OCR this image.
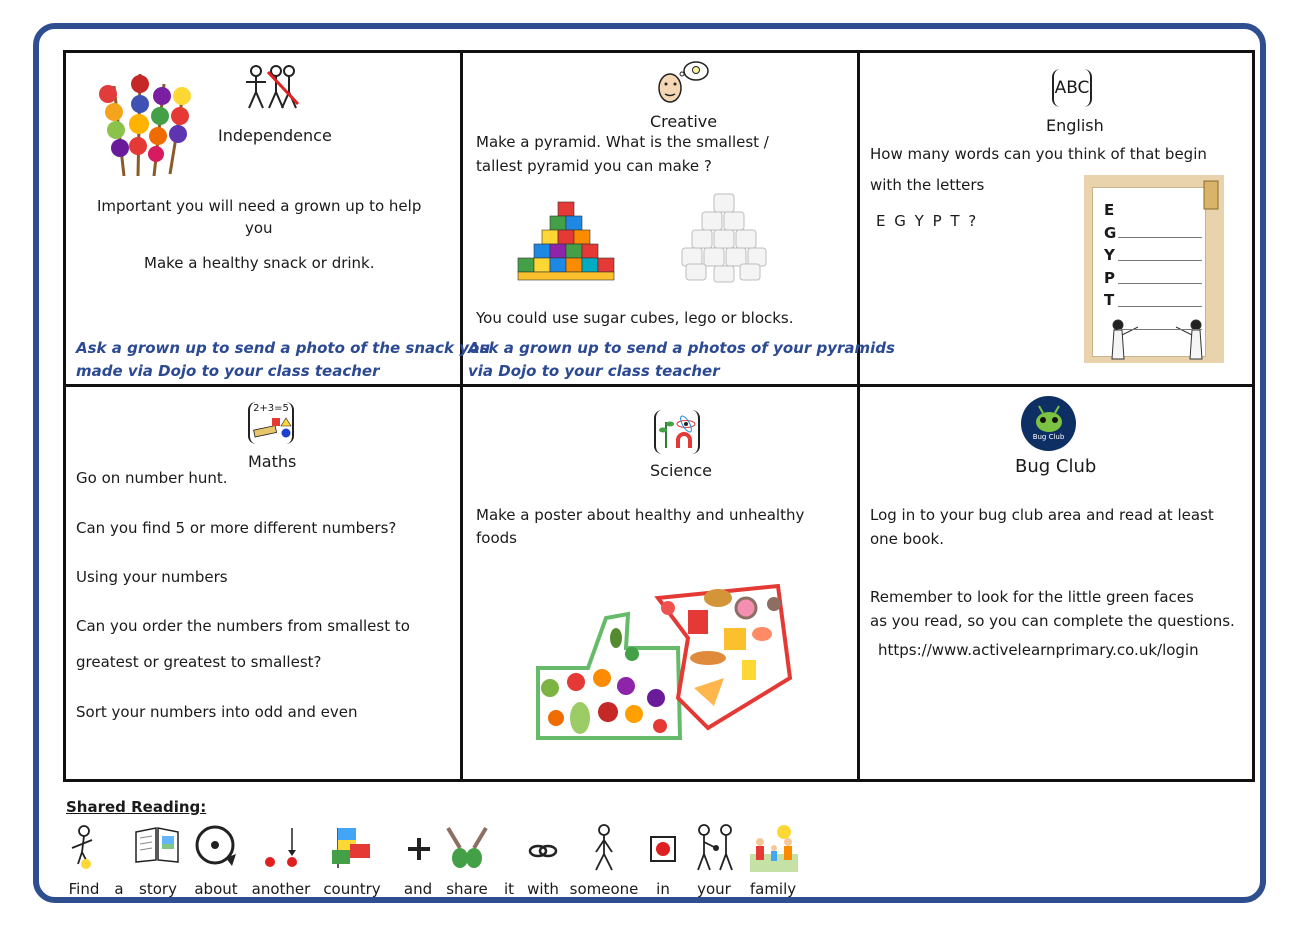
Independence
Important you will need a grown up to help
you
Make a healthy snack or drink.
Ask a grown up to send a photo of the snack you
made via Dojo to your class teacher
Creative
Make a pyramid. What is the smallest /
tallest pyramid you can make ?
You could use sugar cubes, lego or blocks.
Ask a grown up to send a photos of your pyramids
via Dojo to your class teacher
ABC
English
How many words can you think of that begin
with the letters
E G Y P T ?
E
G
Y
P
T
2+3=5
Maths
Go on number hunt.
Can you find 5 or more different numbers?
Using your numbers
Can you order the numbers from smallest to
greatest or greatest to smallest?
Sort your numbers into odd and even
Science
Make a poster about healthy and unhealthy
foods
Bug Club
Bug Club
Log in to your bug club area and read at least
one book.
Remember to look for the little green faces
as you read, so you can complete the questions.
https://www.activelearnprimary.co.uk/login
Shared Reading:
Find	a	story	about another country	and share	it with someone	in	your	family
